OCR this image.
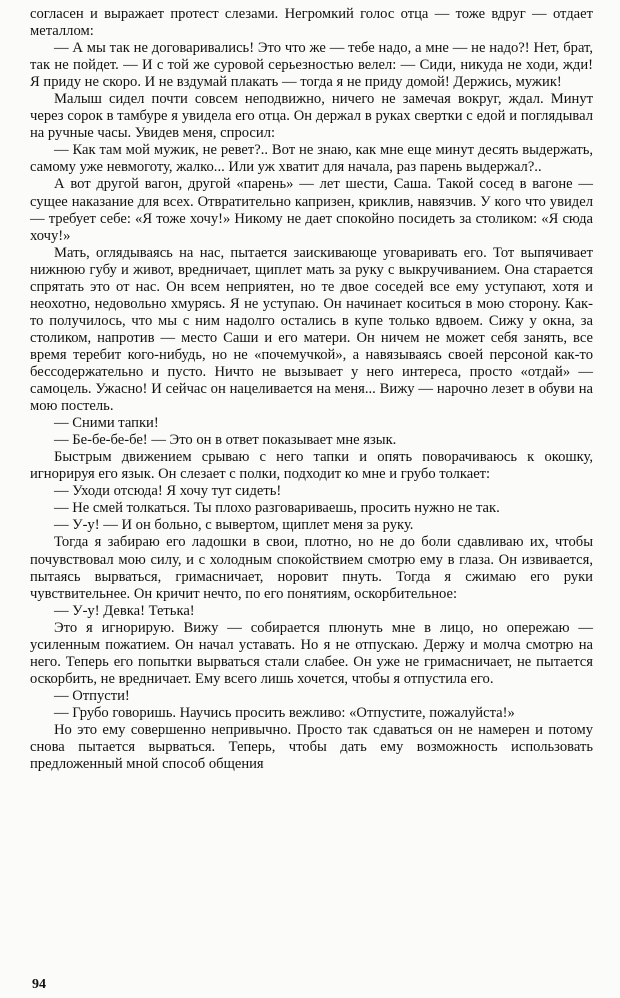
согласен и выражает протест слезами. Негромкий голос отца — тоже вдруг — отдает металлом:

— А мы так не договаривались! Это что же — тебе надо, а мне — не надо?! Нет, брат, так не пойдет. — И с той же суровой серьезностью велел: — Сиди, никуда не ходи, жди! Я приду не скоро. И не вздумай плакать — тогда я не приду домой! Держись, мужик!

Малыш сидел почти совсем неподвижно, ничего не замечая вокруг, ждал. Минут через сорок в тамбуре я увидела его отца. Он держал в руках свертки с едой и поглядывал на ручные часы. Увидев меня, спросил:

— Как там мой мужик, не ревет?.. Вот не знаю, как мне еще минут десять выдержать, самому уже невмоготу, жалко... Или уж хватит для начала, раз парень выдержал?..

А вот другой вагон, другой «парень» — лет шести, Саша. Такой сосед в вагоне — сущее наказание для всех. Отвратительно капризен, криклив, навязчив. У кого что увидел — требует себе: «Я тоже хочу!» Никому не дает спокойно посидеть за столиком: «Я сюда хочу!»

Мать, оглядываясь на нас, пытается заискивающе уговаривать его. Тот выпячивает нижнюю губу и живот, вредничает, щиплет мать за руку с выкручиванием. Она старается спрятать это от нас. Он всем неприятен, но те двое соседей все ему уступают, хотя и неохотно, недовольно хмурясь. Я не уступаю. Он начинает коситься в мою сторону. Как-то получилось, что мы с ним надолго остались в купе только вдвоем. Сижу у окна, за столиком, напротив — место Саши и его матери. Он ничем не может себя занять, все время теребит кого-нибудь, но не «почемучкой», а навязываясь своей персоной как-то бессодержательно и пусто. Ничто не вызывает у него интереса, просто «отдай» — самоцель. Ужасно! И сейчас он нацеливается на меня... Вижу — нарочно лезет в обуви на мою постель.

— Сними тапки!

— Бе-бе-бе-бе! — Это он в ответ показывает мне язык.

Быстрым движением срываю с него тапки и опять поворачиваюсь к окошку, игнорируя его язык. Он слезает с полки, подходит ко мне и грубо толкает:

— Уходи отсюда! Я хочу тут сидеть!

— Не смей толкаться. Ты плохо разговариваешь, просить нужно не так.

— У-у! — И он больно, с вывертом, щиплет меня за руку.

Тогда я забираю его ладошки в свои, плотно, но не до боли сдавливаю их, чтобы почувствовал мою силу, и с холодным спокойствием смотрю ему в глаза. Он извивается, пытаясь вырваться, гримасничает, норовит пнуть. Тогда я сжимаю его руки чувствительнее. Он кричит нечто, по его понятиям, оскорбительное:

— У-у! Девка! Тетька!

Это я игнорирую. Вижу — собирается плюнуть мне в лицо, но опережаю — усиленным пожатием. Он начал уставать. Но я не отпускаю. Держу и молча смотрю на него. Теперь его попытки вырваться стали слабее. Он уже не гримасничает, не пытается оскорбить, не вредничает. Ему всего лишь хочется, чтобы я отпустила его.

— Отпусти!

— Грубо говоришь. Научись просить вежливо: «Отпустите, пожалуйста!»

Но это ему совершенно непривычно. Просто так сдаваться он не намерен и потому снова пытается вырваться. Теперь, чтобы дать ему возможность использовать предложенный мной способ общения

94
